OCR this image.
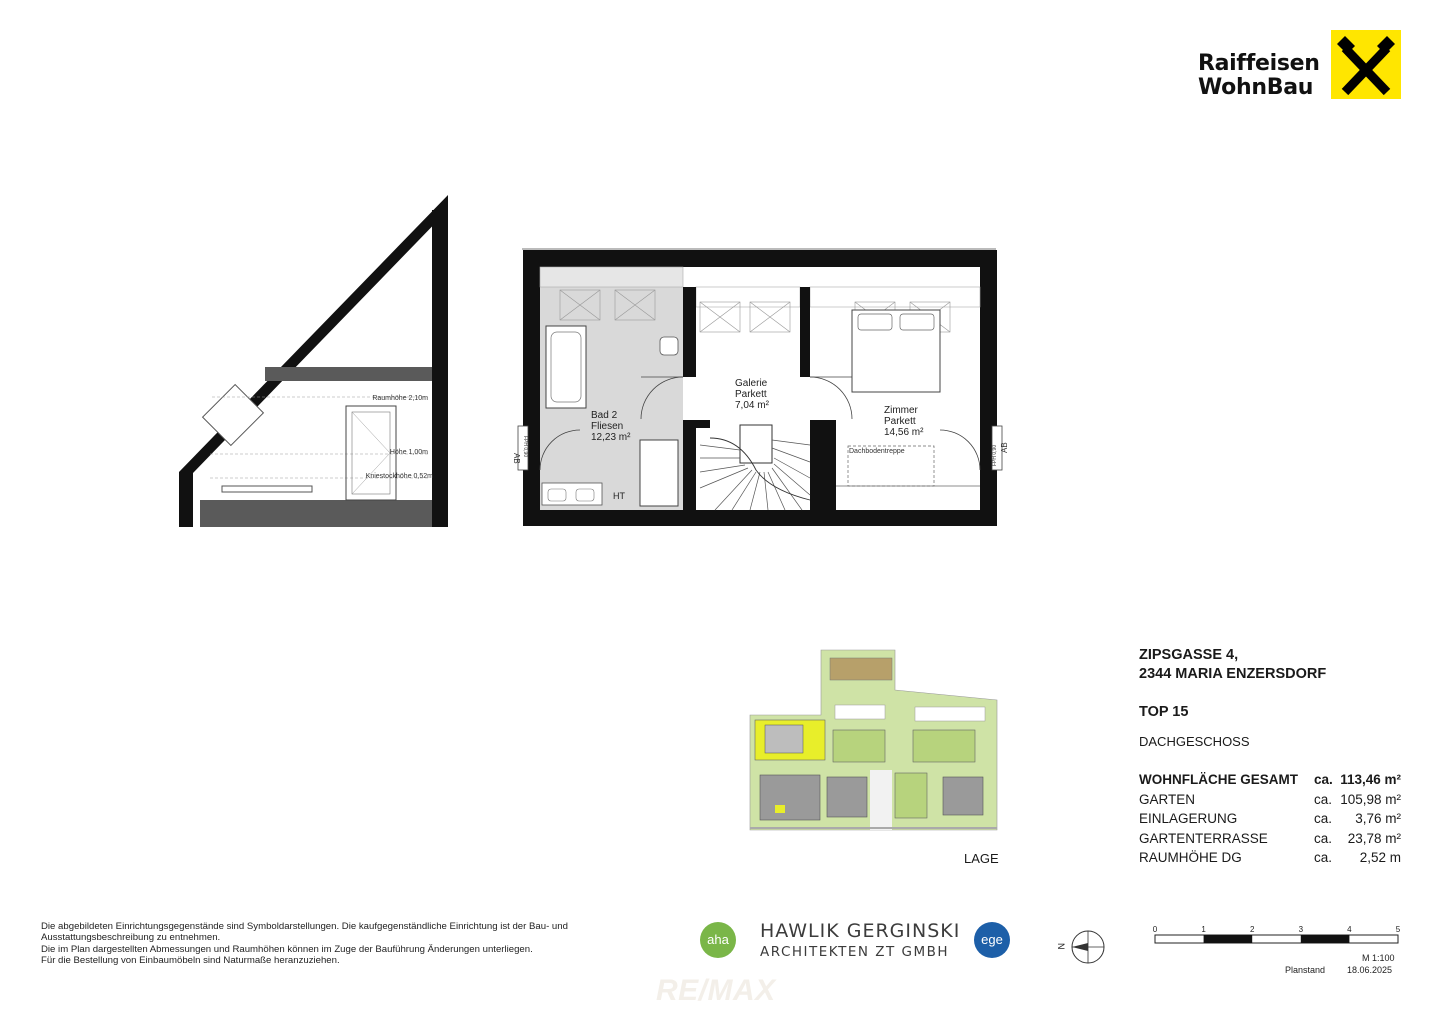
Raiffeisen
WohnBau
Raumhöhe 2,10m
Höhe 1,00m
Kniestockhöhe 0,52m
Bad 2
Fliesen
12,23 m²
Galerie
Parkett
7,04 m²	Zimmer
Parkett
14,56 m²
HT
Dachbodentreppe
AB
AB
FPH 0,90	FPH 0,90
LAGE
ZIPSGASSE 4,
2344 MARIA ENZERSDORF
TOP 15
DACHGESCHOSS
WOHNFLÄCHE GESAMT ca. 113,46 m²
GARTEN	ca. 105,98 m²
EINLAGERUNG	ca. 3,76 m²
GARTENTERRASSE	ca. 23,78 m²
RAUMHÖHE DG	ca. 2,52 m
Die abgebildeten Einrichtungsgegenstände sind Symboldarstellungen. Die kaufgegenständliche Einrichtung ist der Bau- und
Ausstattungsbeschreibung zu entnehmen.
Die im Plan dargestellten Abmessungen und Raumhöhen können im Zuge der Bauführung Änderungen unterliegen.
Für die Bestellung von Einbaumöbeln sind Naturmaße heranzuziehen.
aha	HAWLIK GERGINSKI
ARCHITEKTEN ZT GMBH
ege	N
0	1	2	3	4	5
M 1:100
Planstand 18.06.2025
RE/MAX
